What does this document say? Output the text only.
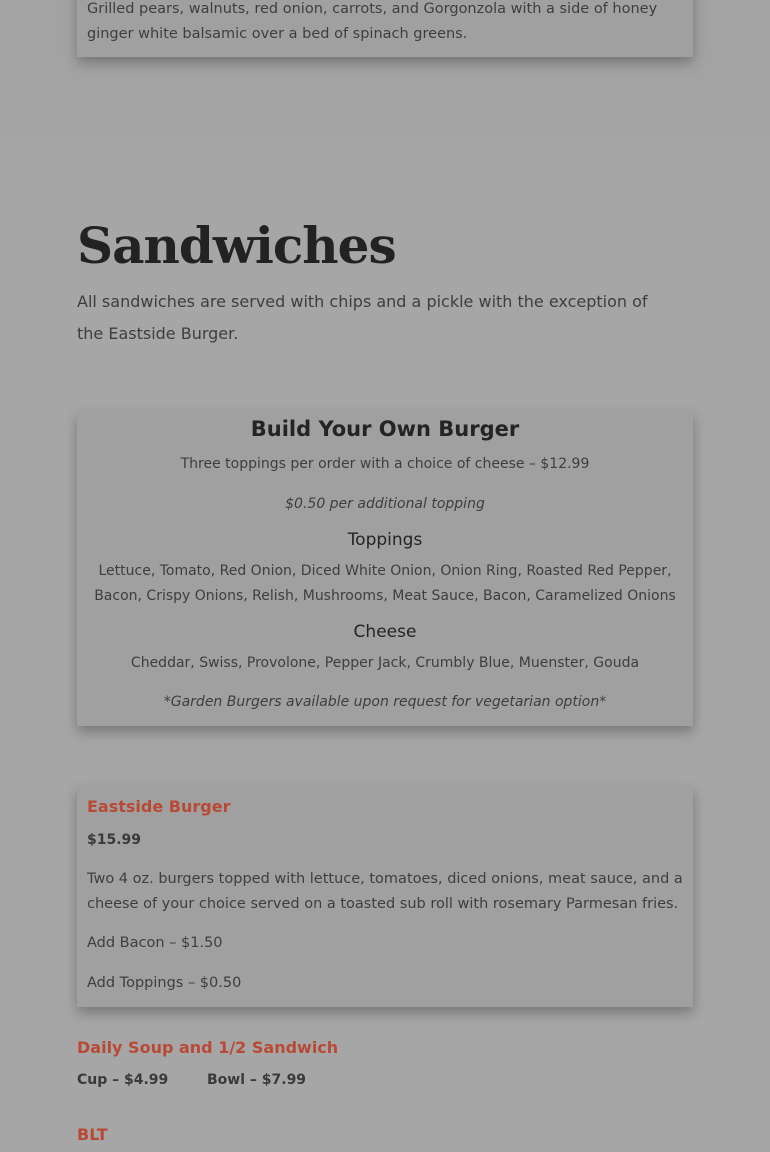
Grilled pears, walnuts, red onion, carrots, and Gorgonzola with a side of honey ginger white balsamic over a bed of spinach greens.
Sandwiches

All sandwiches are served with chips and a pickle with the exception of the Eastside Burger.

Build Your Own Burger
Three toppings per order with a choice of cheese – $12.99
$0.50 per additional topping
Toppings
Lettuce, Tomato, Red Onion, Diced White Onion, Onion Ring, Roasted Red Pepper,
Bacon, Crispy Onions, Relish, Mushrooms, Meat Sauce, Bacon, Caramelized Onions
Cheese
Cheddar, Swiss, Provolone, Pepper Jack, Crumbly Blue, Muenster, Gouda
*Garden Burgers available upon request for vegetarian option*
Eastside Burger
$15.99
Two 4 oz. burgers topped with lettuce, tomatoes, diced onions, meat sauce, and a
cheese of your choice served on a toasted sub roll with rosemary Parmesan fries.
Add Bacon – $1.50
Add Toppings – $0.50
Daily Soup and 1/2 Sandwich
Cup – $4.99	Bowl – $7.99
BLT
